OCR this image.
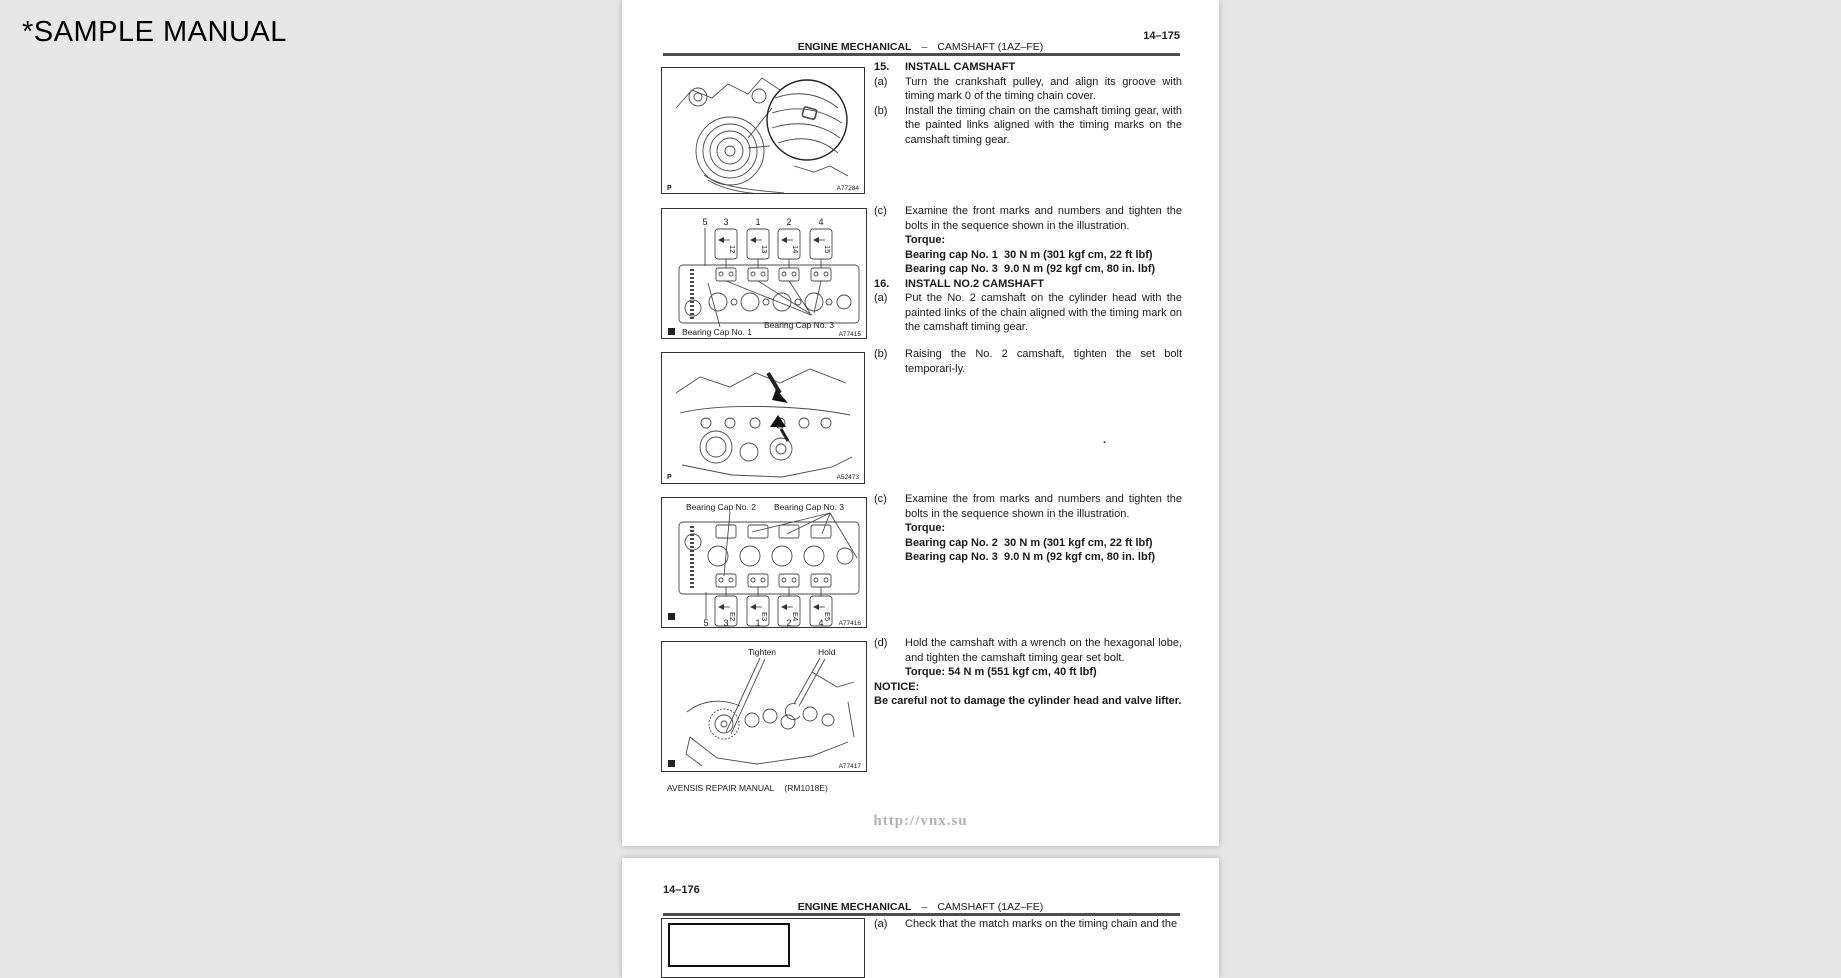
*SAMPLE MANUAL	14–175
ENGINE MECHANICAL – CAMSHAFT (1AZ–FE)
P	A77284
15.	INSTALL CAMSHAFT
(a)	Turn the crankshaft pulley, and align its groove with timing mark 0 of the timing chain cover.
(b)	Install the timing chain on the camshaft timing gear, with the painted links aligned with the timing marks on the camshaft timing gear.
5 3	1	2	4
12	13	14	15
Bearing Cap No. 1
Bearing Cap No. 3
A77415
(c)	Examine the front marks and numbers and tighten the bolts in the sequence shown in the illustration.
Torque:
Bearing cap No. 1  30 N m (301 kgf cm, 22 ft lbf)
Bearing cap No. 3  9.0 N m (92 kgf cm, 80 in. lbf)
16.	INSTALL NO.2 CAMSHAFT
(a)	Put the No. 2 camshaft on the cylinder head with the painted links of the chain aligned with the timing mark on the camshaft timing gear.
P	A52473
(b)	Raising the No. 2 camshaft, tighten the set bolt temporari-ly.
.
Bearing Cap No. 2 Bearing Cap No. 3
E2	E3	E4	E5
5 3	1	2	4 A77416
(c)	Examine the from marks and numbers and tighten the bolts in the sequence shown in the illustration.
Torque:
Bearing cap No. 2  30 N m (301 kgf cm, 22 ft lbf)
Bearing cap No. 3  9.0 N m (92 kgf cm, 80 in. lbf)
Tighten	Hold
A77417
(d)	Hold the camshaft with a wrench on the hexagonal lobe, and tighten the camshaft timing gear set bolt.
Torque: 54 N m (551 kgf cm, 40 ft lbf)
NOTICE:
Be careful not to damage the cylinder head and valve lifter.
AVENSIS REPAIR MANUAL (RM1018E)
http://vnx.su
14–176
ENGINE MECHANICAL – CAMSHAFT (1AZ–FE)
(a)	Check that the match marks on the timing chain and the
